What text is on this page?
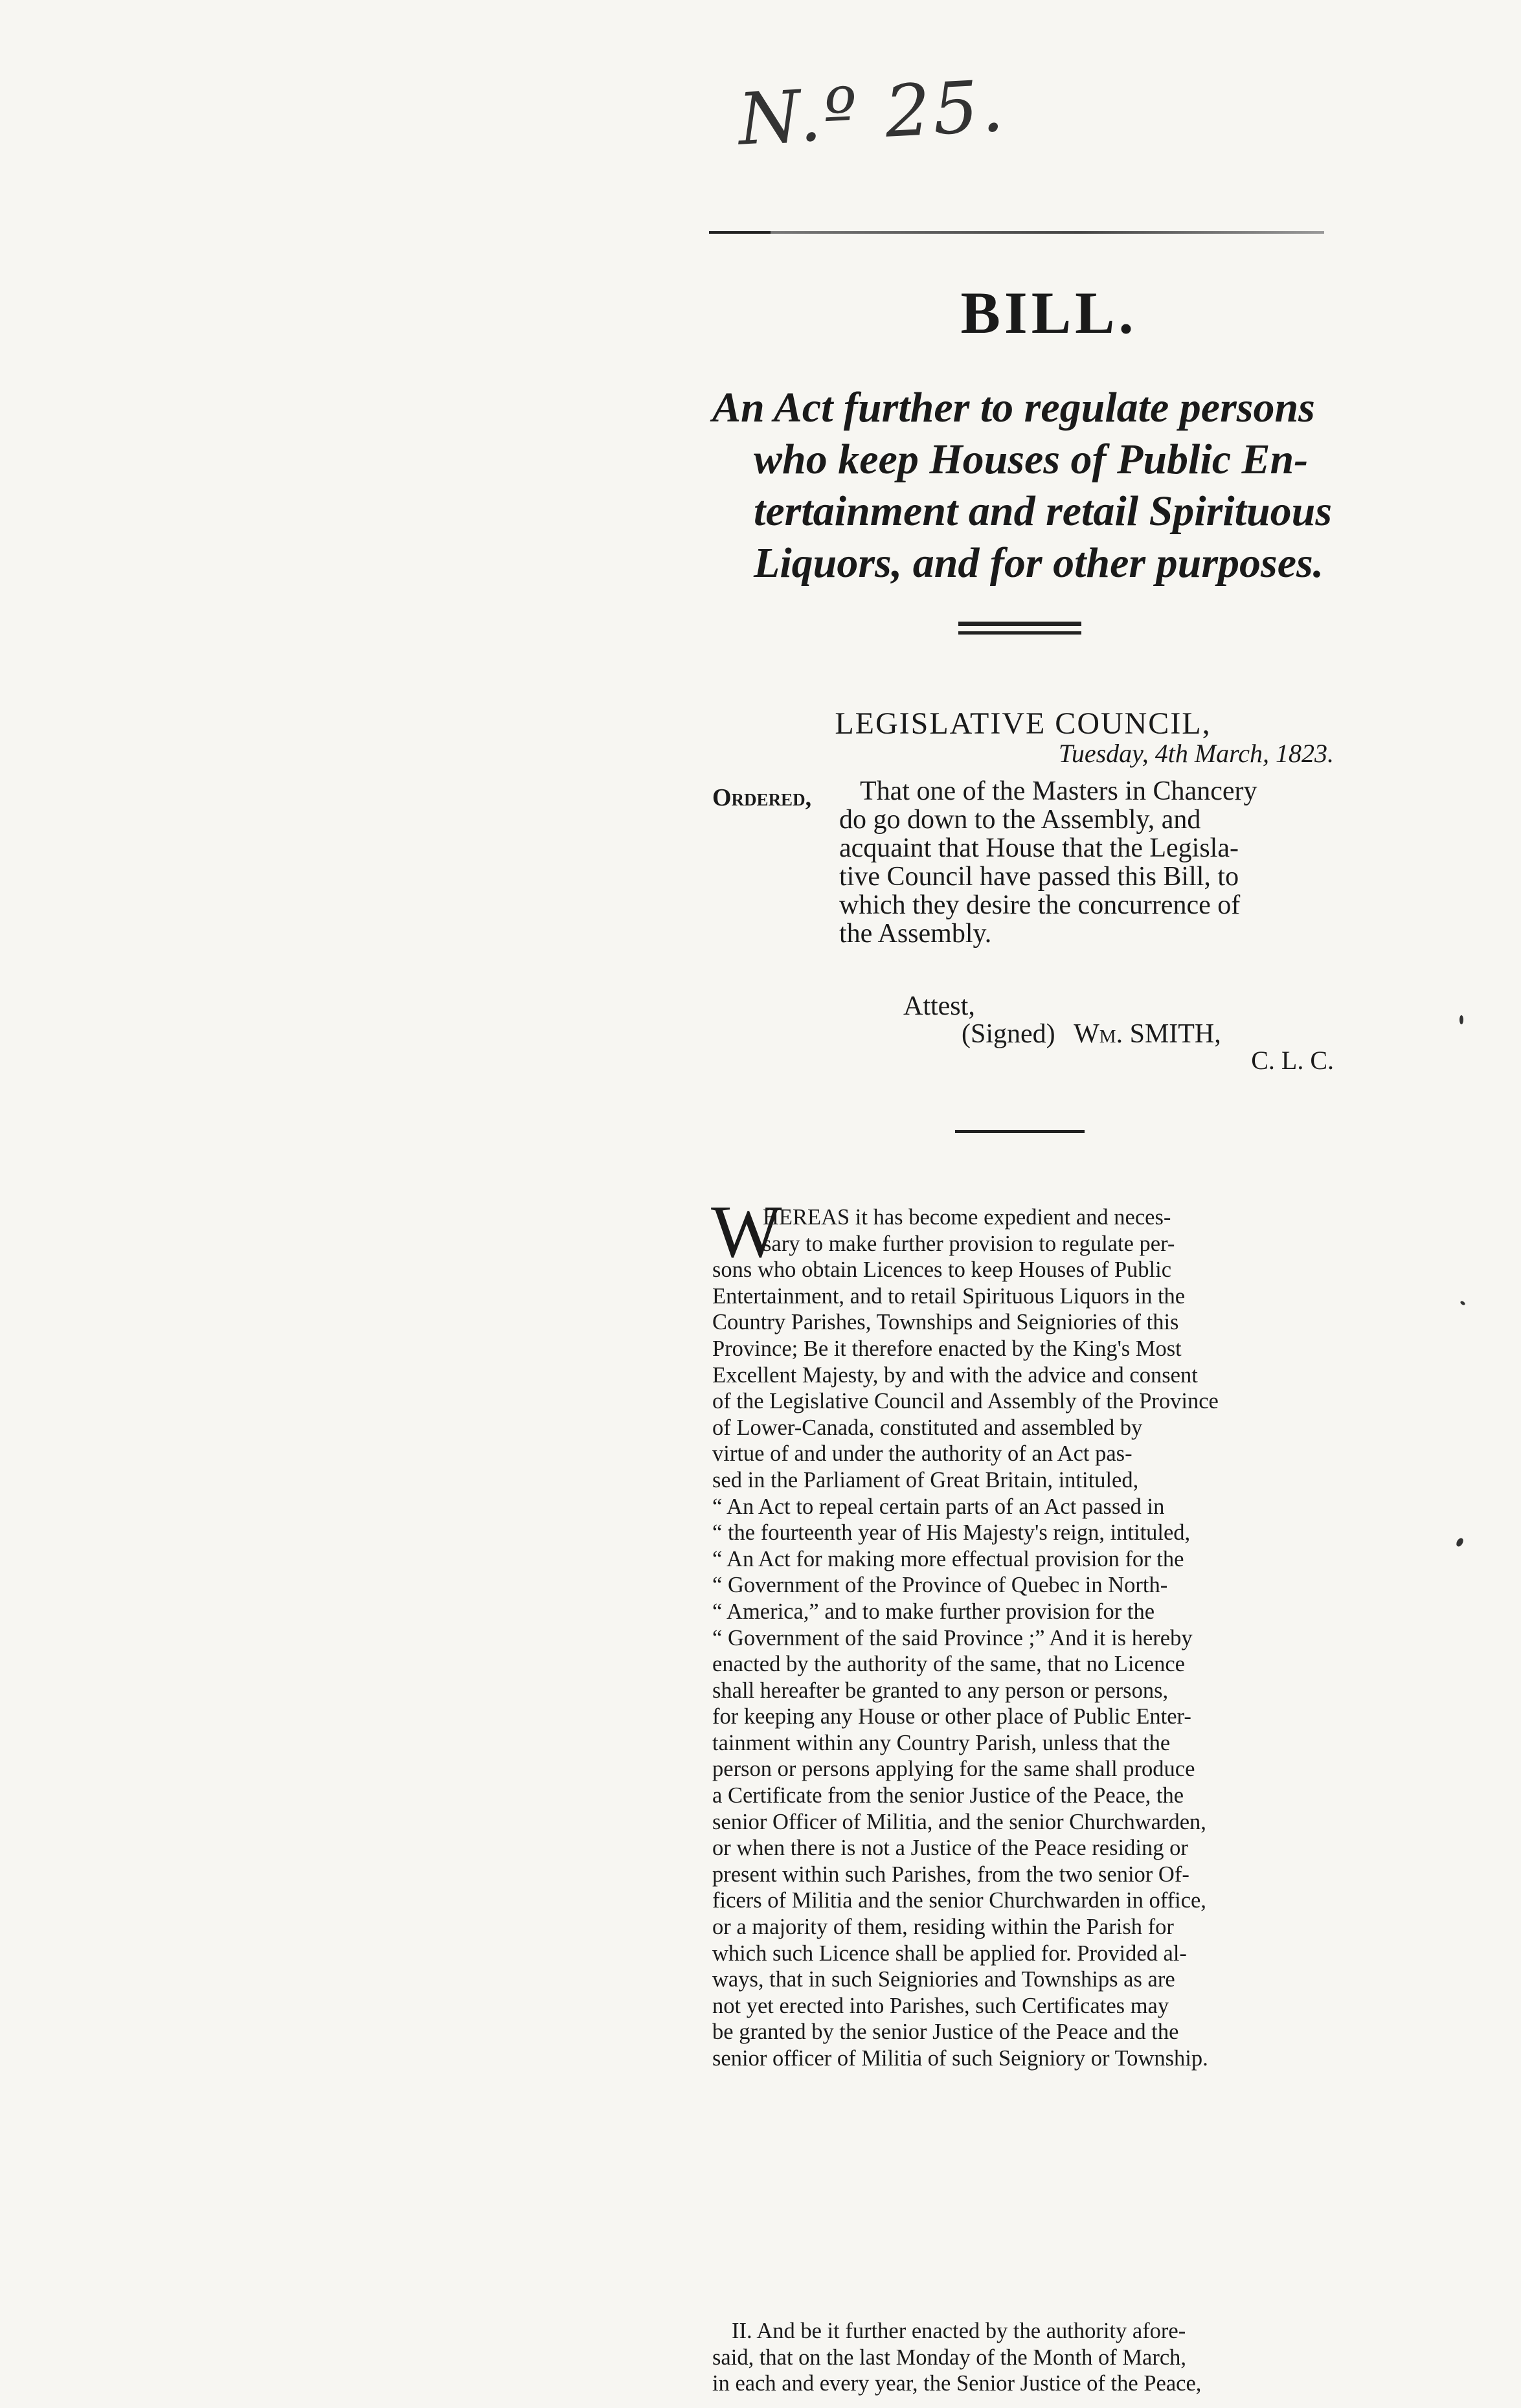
N.º 25.
BILL.
An Act further to regulate persons
who keep Houses of Public En-
tertainment and retail Spirituous
Liquors, and for other purposes.
LEGISLATIVE COUNCIL,
Tuesday, 4th March, 1823.
Ordered,	That one of the Masters in Chancery
do go down to the Assembly, and
acquaint that House that the Legisla-
tive Council have passed this Bill, to
which they desire the concurrence of
the Assembly.
Attest,
(Signed) Wm. SMITH,
C. L. C.
W
HEREAS it has become expedient and neces-
sary to make further provision to regulate per-
sons who obtain Licences to keep Houses of Public
Entertainment, and to retail Spirituous Liquors in the
Country Parishes, Townships and Seigniories of this
Province; Be it therefore enacted by the King's Most
Excellent Majesty, by and with the advice and consent
of the Legislative Council and Assembly of the Province
of Lower-Canada, constituted and assembled by
virtue of and under the authority of an Act pas-
sed in the Parliament of Great Britain, intituled,
“ An Act to repeal certain parts of an Act passed in
“ the fourteenth year of His Majesty's reign, intituled,
“ An Act for making more effectual provision for the
“ Government of the Province of Quebec in North-
“ America,” and to make further provision for the
“ Government of the said Province ;” And it is hereby
enacted by the authority of the same, that no Licence
shall hereafter be granted to any person or persons,
for keeping any House or other place of Public Enter-
tainment within any Country Parish, unless that the
person or persons applying for the same shall produce
a Certificate from the senior Justice of the Peace, the
senior Officer of Militia, and the senior Churchwarden,
or when there is not a Justice of the Peace residing or
present within such Parishes, from the two senior Of-
ficers of Militia and the senior Churchwarden in office,
or a majority of them, residing within the Parish for
which such Licence shall be applied for. Provided al-
ways, that in such Seigniories and Townships as are
not yet erected into Parishes, such Certificates may
be granted by the senior Justice of the Peace and the
senior officer of Militia of such Seigniory or Township.
II. And be it further enacted by the authority afore-
said, that on the last Monday of the Month of March,
in each and every year, the Senior Justice of the Peace,
